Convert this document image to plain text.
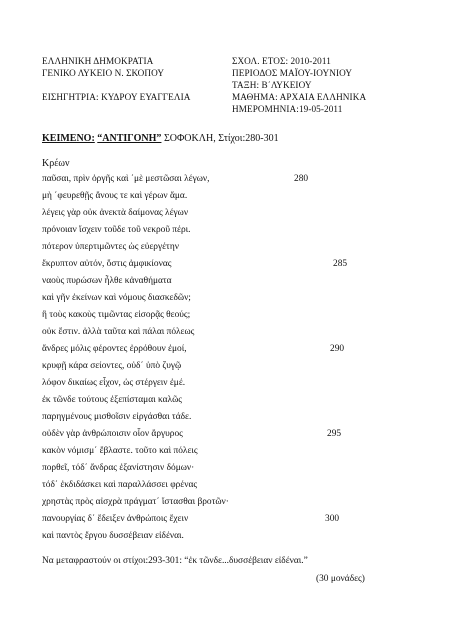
ΕΛΛΗΝΙΚΗ ΔΗΜΟΚΡΑΤΙΑ
ΓΕΝΙΚΟ ΛΥΚΕΙΟ Ν. ΣΚΟΠΟΥ
ΕΙΣΗΓΗΤΡΙΑ: ΚΥΔΡΟΥ ΕΥΑΓΓΕΛΙΑ
ΣΧΟΛ. ΕΤΟΣ: 2010-2011
ΠΕΡΙΟΔΟΣ ΜΑΪΟΥ-ΙΟΥΝΙΟΥ
ΤΑΞΗ: Β΄ΛΥΚΕΙΟΥ
ΜΑΘΗΜΑ: ΑΡΧΑΙΑ ΕΛΛΗΝΙΚΑ
ΗΜΕΡΟΜΗΝΙΑ:19-05-2011
ΚΕΙΜΕΝΟ: “ΑΝΤΙΓΟΝΗ” ΣΟΦΟΚΛΗ, Στίχοι:280-301
Κρέων
παῦσαι, πρὶν ὀργῆς καὶ ΄μὲ μεστῶσαι λέγων,
μὴ ΄φευρεθῇς ἄνους τε καὶ γέρων ἅμα.
λέγεις γὰρ οὐκ ἀνεκτὰ δαίμονας λέγων
πρόνοιαν ἴσχειν τοῦδε τοῦ νεκροῦ πέρι.
πότερον ὑπερτιμῶντες ὡς εὐεργέτην
ἔκρυπτον αὐτόν, ὅστις ἀμφικίονας
ναοὺς πυρώσων ἦλθε κἀναθήματα
καὶ γῆν ἐκείνων καὶ νόμους διασκεδῶν;
ἢ τοὺς κακοὺς τιμῶντας εἰσορᾷς θεούς;
οὐκ ἔστιν. ἀλλὰ ταῦτα καὶ πάλαι πόλεως
ἄνδρες μόλις φέροντες ἐρρόθουν ἐμοί,
κρυφῇ κάρα σείοντες, οὐδ΄ ὑπὸ ζυγῷ
λόφον δικαίως εἶχον, ὡς στέργειν ἐμέ.
ἐκ τῶνδε τούτους ἐξεπίσταμαι καλῶς
παρηγμένους μισθοῖσιν εἰργάσθαι τάδε.
οὐδὲν γὰρ ἀνθρώποισιν οἷον ἄργυρος
κακὸν νόμισμ΄ ἔβλαστε. τοῦτο καὶ πόλεις
πορθεῖ, τόδ΄ ἄνδρας ἐξανίστησιν δόμων·
τόδ΄ ἐκδιδάσκει καὶ παραλλάσσει φρένας
χρηστὰς πρὸς αἰσχρὰ πράγματ΄ ἵστασθαι βροτῶν·
πανουργίας δ΄ ἔδειξεν ἀνθρώποις ἔχειν
καὶ παντὸς ἔργου δυσσέβειαν εἰδέναι.
280
285
290
295
300
Να μεταφραστούν οι στίχοι:293-301: “ἐκ τῶνδε...δυσσέβειαν εἰδέναι.”
(30 μονάδες)
